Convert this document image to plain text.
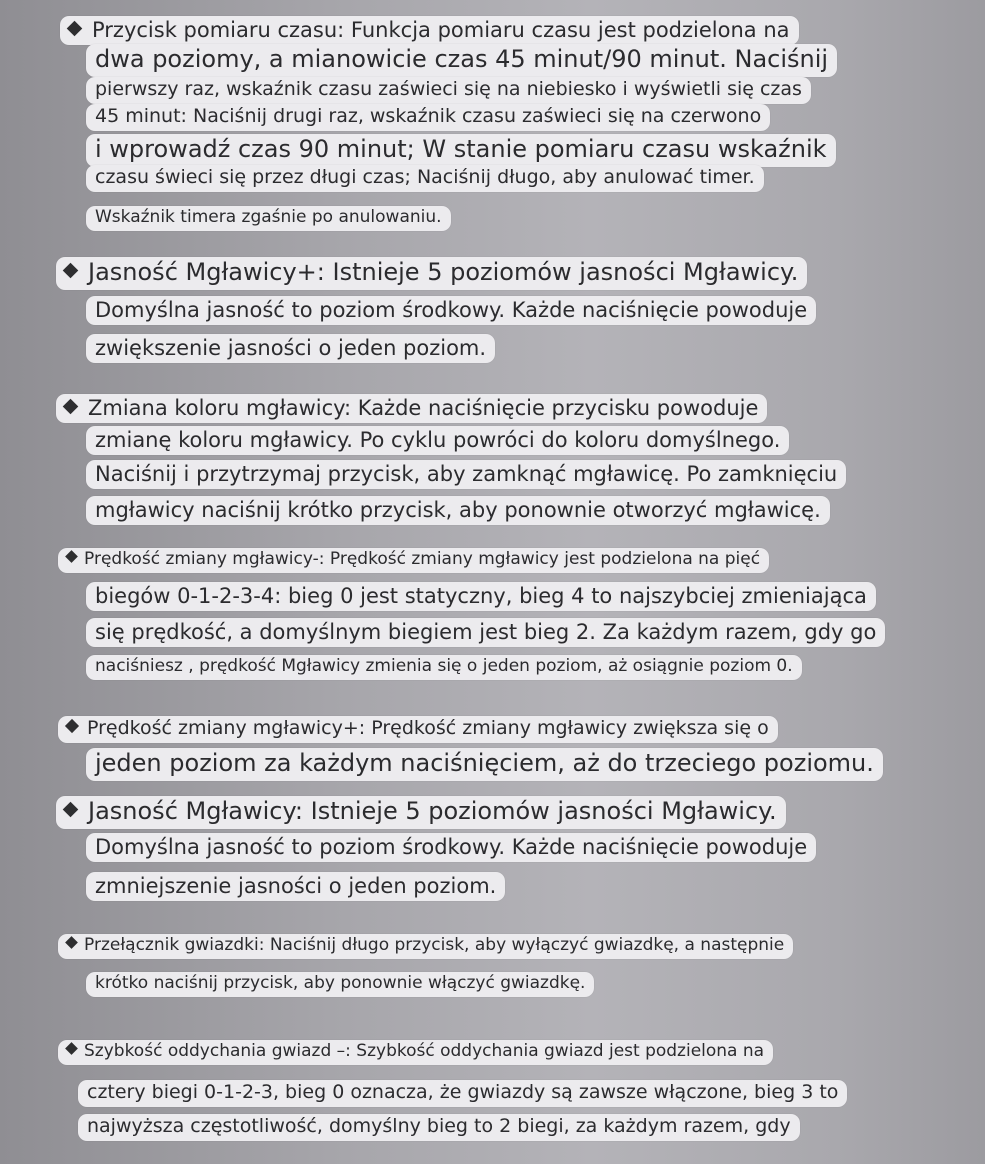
Przycisk pomiaru czasu: Funkcja pomiaru czasu jest podzielona na
dwa poziomy, a mianowicie czas 45 minut/90 minut. Naciśnij
pierwszy raz, wskaźnik czasu zaświeci się na niebiesko i wyświetli się czas
45 minut: Naciśnij drugi raz, wskaźnik czasu zaświeci się na czerwono
i wprowadź czas 90 minut; W stanie pomiaru czasu wskaźnik
czasu świeci się przez długi czas; Naciśnij długo, aby anulować timer.
Wskaźnik timera zgaśnie po anulowaniu.
Jasność Mgławicy+: Istnieje 5 poziomów jasności Mgławicy.
Domyślna jasność to poziom środkowy. Każde naciśnięcie powoduje
zwiększenie jasności o jeden poziom.
Zmiana koloru mgławicy: Każde naciśnięcie przycisku powoduje
zmianę koloru mgławicy. Po cyklu powróci do koloru domyślnego.
Naciśnij i przytrzymaj przycisk, aby zamknąć mgławicę. Po zamknięciu
mgławicy naciśnij krótko przycisk, aby ponownie otworzyć mgławicę.
Prędkość zmiany mgławicy-: Prędkość zmiany mgławicy jest podzielona na pięć
biegów 0-1-2-3-4: bieg 0 jest statyczny, bieg 4 to najszybciej zmieniająca
się prędkość, a domyślnym biegiem jest bieg 2. Za każdym razem, gdy go
naciśniesz , prędkość Mgławicy zmienia się o jeden poziom, aż osiągnie poziom 0.
Prędkość zmiany mgławicy+: Prędkość zmiany mgławicy zwiększa się o
jeden poziom za każdym naciśnięciem, aż do trzeciego poziomu.
Jasność Mgławicy: Istnieje 5 poziomów jasności Mgławicy.
Domyślna jasność to poziom środkowy. Każde naciśnięcie powoduje
zmniejszenie jasności o jeden poziom.
Przełącznik gwiazdki: Naciśnij długo przycisk, aby wyłączyć gwiazdkę, a następnie
krótko naciśnij przycisk, aby ponownie włączyć gwiazdkę.
Szybkość oddychania gwiazd –: Szybkość oddychania gwiazd jest podzielona na
cztery biegi 0-1-2-3, bieg 0 oznacza, że gwiazdy są zawsze włączone, bieg 3 to
najwyższa częstotliwość, domyślny bieg to 2 biegi, za każdym razem, gdy
